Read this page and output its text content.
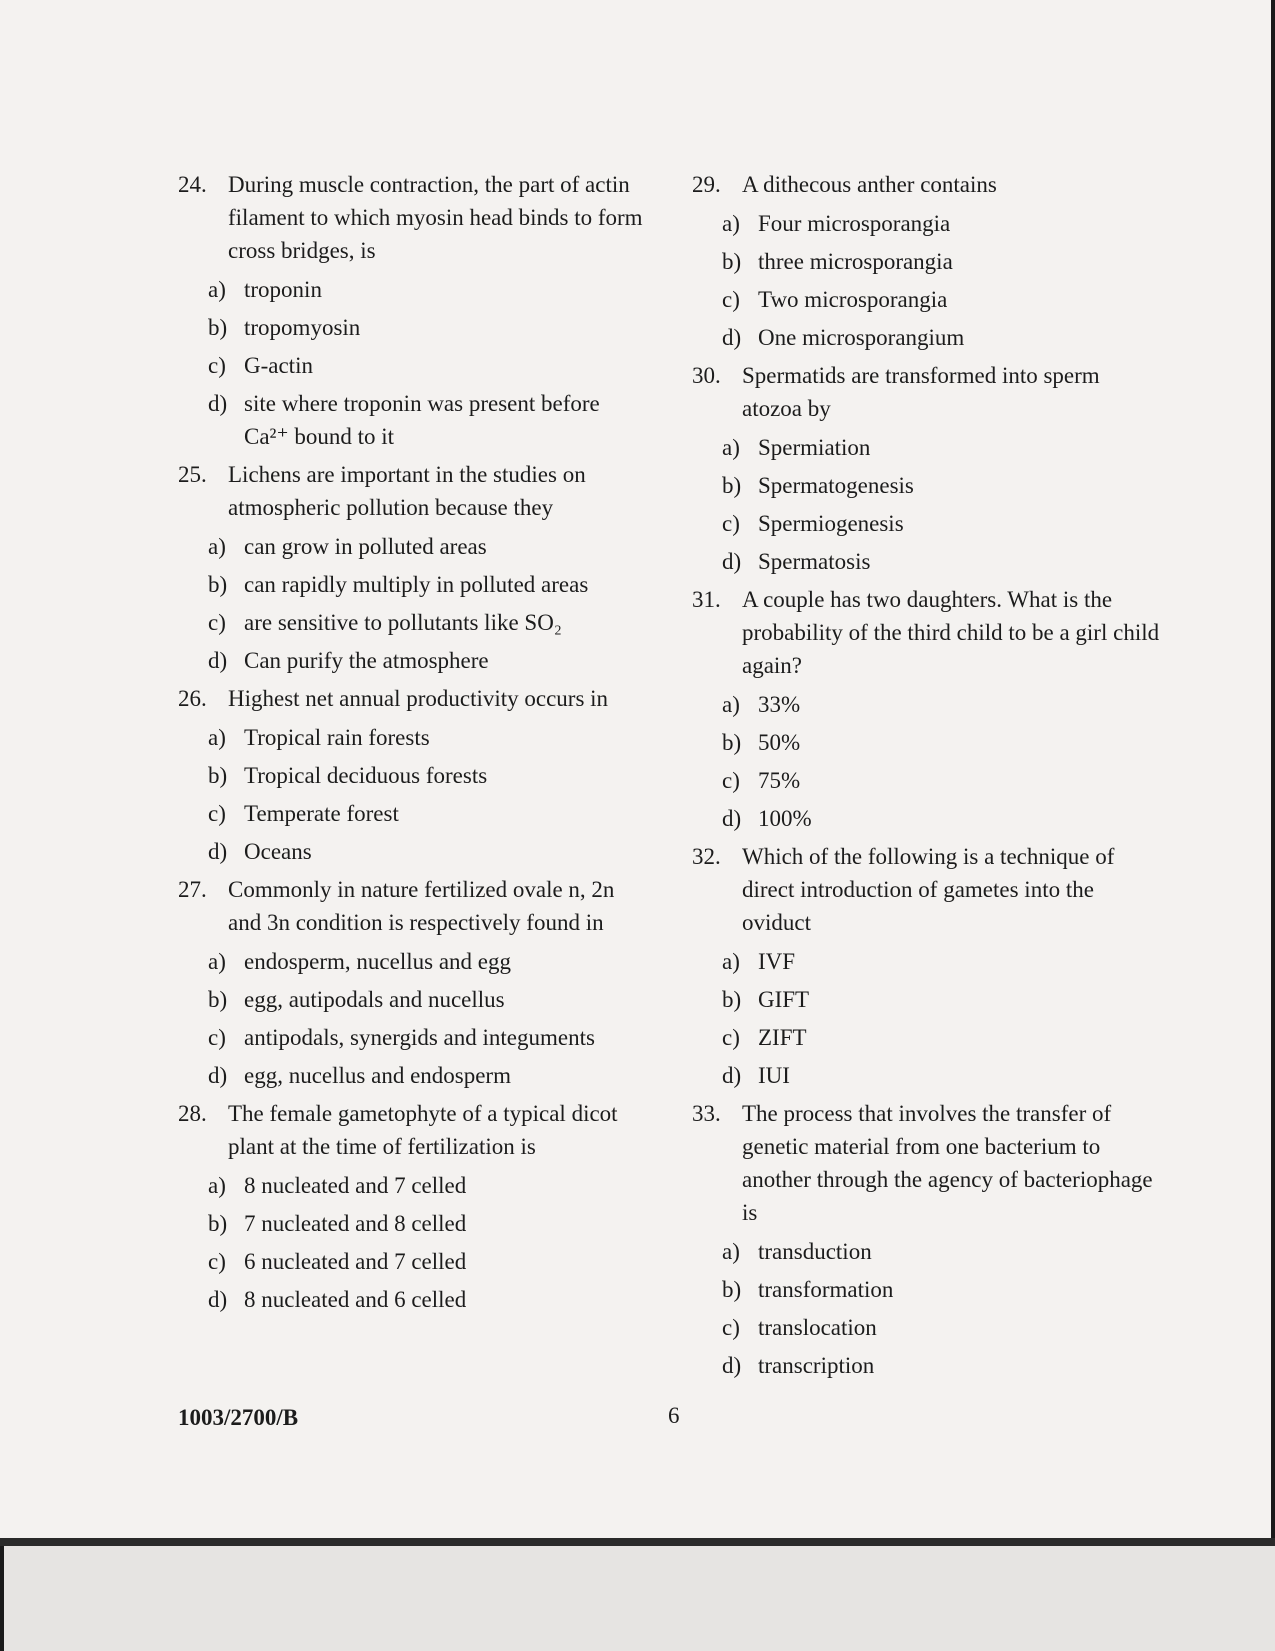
24. During muscle contraction, the part of actin filament to which myosin head binds to form cross bridges, is
a) troponin
b) tropomyosin
c) G-actin
d) site where troponin was present before Ca²⁺ bound to it
25. Lichens are important in the studies on atmospheric pollution because they
a) can grow in polluted areas
b) can rapidly multiply in polluted areas
c) are sensitive to pollutants like SO₂
d) Can purify the atmosphere
26. Highest net annual productivity occurs in
a) Tropical rain forests
b) Tropical deciduous forests
c) Temperate forest
d) Oceans
27. Commonly in nature fertilized ovale n, 2n and 3n condition is respectively found in
a) endosperm, nucellus and egg
b) egg, autipodals and nucellus
c) antipodals, synergids and integuments
d) egg, nucellus and endosperm
28. The female gametophyte of a typical dicot plant at the time of fertilization is
a) 8 nucleated and 7 celled
b) 7 nucleated and 8 celled
c) 6 nucleated and 7 celled
d) 8 nucleated and 6 celled
29. A dithecous anther contains
a) Four microsporangia
b) three microsporangia
c) Two microsporangia
d) One microsporangium
30. Spermatids are transformed into sperm atozoa by
a) Spermiation
b) Spermatogenesis
c) Spermiogenesis
d) Spermatosis
31. A couple has two daughters. What is the probability of the third child to be a girl child again?
a) 33%
b) 50%
c) 75%
d) 100%
32. Which of the following is a technique of direct introduction of gametes into the oviduct
a) IVF
b) GIFT
c) ZIFT
d) IUI
33. The process that involves the transfer of genetic material from one bacterium to another through the agency of bacteriophage is
a) transduction
b) transformation
c) translocation
d) transcription
1003/2700/B	6
